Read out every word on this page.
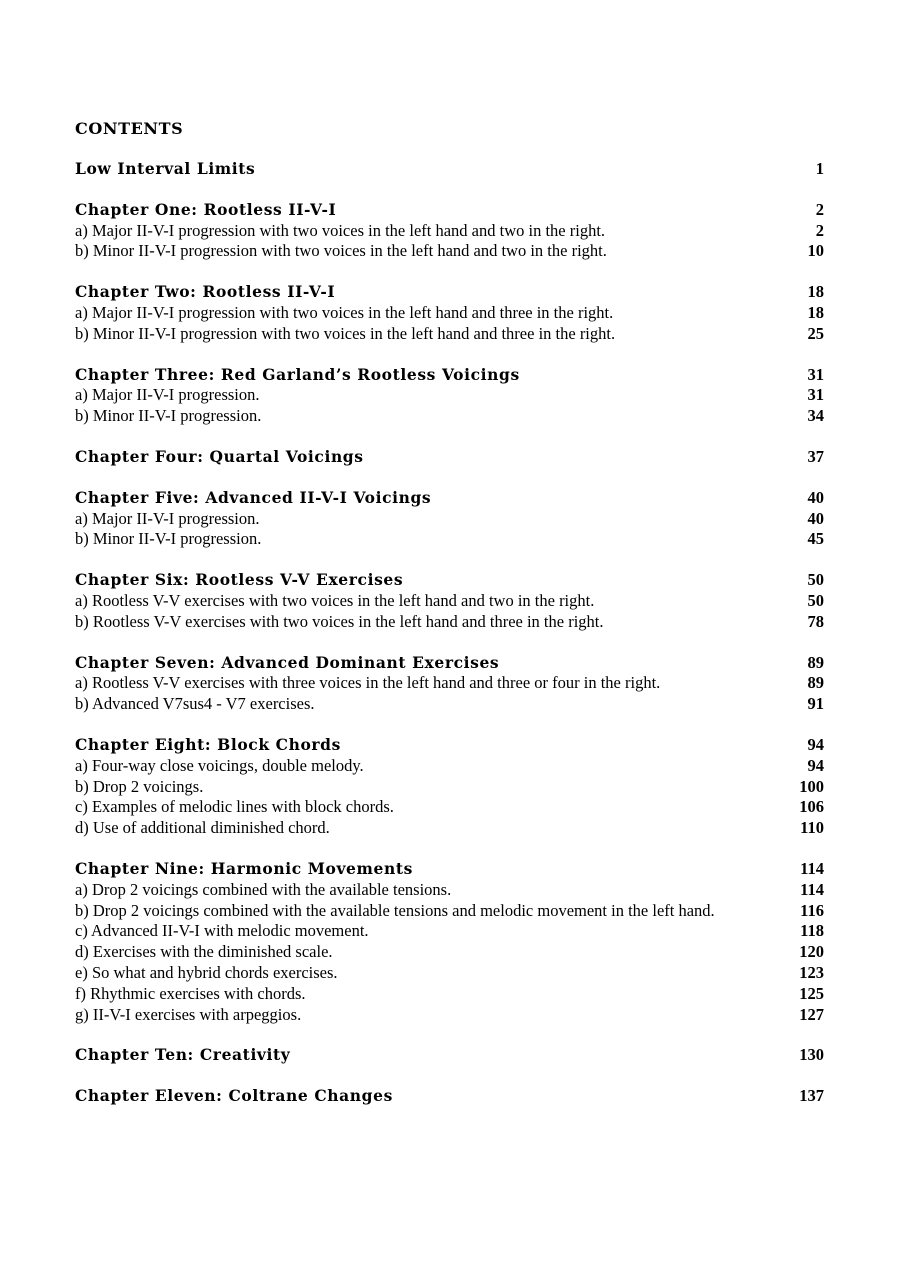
CONTENTS
Low Interval Limits	1
Chapter One: Rootless II-V-I	2
a) Major II-V-I progression with two voices in the left hand and two in the right.	2
b) Minor II-V-I progression with two voices in the left hand and two in the right.	10
Chapter Two: Rootless II-V-I	18
a) Major II-V-I progression with two voices in the left hand and three in the right.	18
b) Minor II-V-I progression with two voices in the left hand and three in the right.	25
Chapter Three: Red Garland’s Rootless Voicings	31
a) Major II-V-I progression.	31
b) Minor II-V-I progression.	34
Chapter Four: Quartal Voicings	37
Chapter Five: Advanced II-V-I Voicings	40
a) Major II-V-I progression.	40
b) Minor II-V-I progression.	45
Chapter Six: Rootless V-V Exercises	50
a) Rootless V-V exercises with two voices in the left hand and two in the right.	50
b) Rootless V-V exercises with two voices in the left hand and three in the right.	78
Chapter Seven: Advanced Dominant Exercises	89
a) Rootless V-V exercises with three voices in the left hand and three or four in the right.	89
b) Advanced V7sus4 - V7 exercises.	91
Chapter Eight: Block Chords	94
a) Four-way close voicings, double melody.	94
b) Drop 2 voicings.	100
c) Examples of melodic lines with block chords.	106
d) Use of additional diminished chord.	110
Chapter Nine: Harmonic Movements	114
a) Drop 2 voicings combined with the available tensions.	114
b) Drop 2 voicings combined with the available tensions and melodic movement in the left hand.	116
c) Advanced II-V-I with melodic movement.	118
d) Exercises with the diminished scale.	120
e) So what and hybrid chords exercises.	123
f) Rhythmic exercises with chords.	125
g) II-V-I exercises with arpeggios.	127
Chapter Ten: Creativity	130
Chapter Eleven: Coltrane Changes	137
